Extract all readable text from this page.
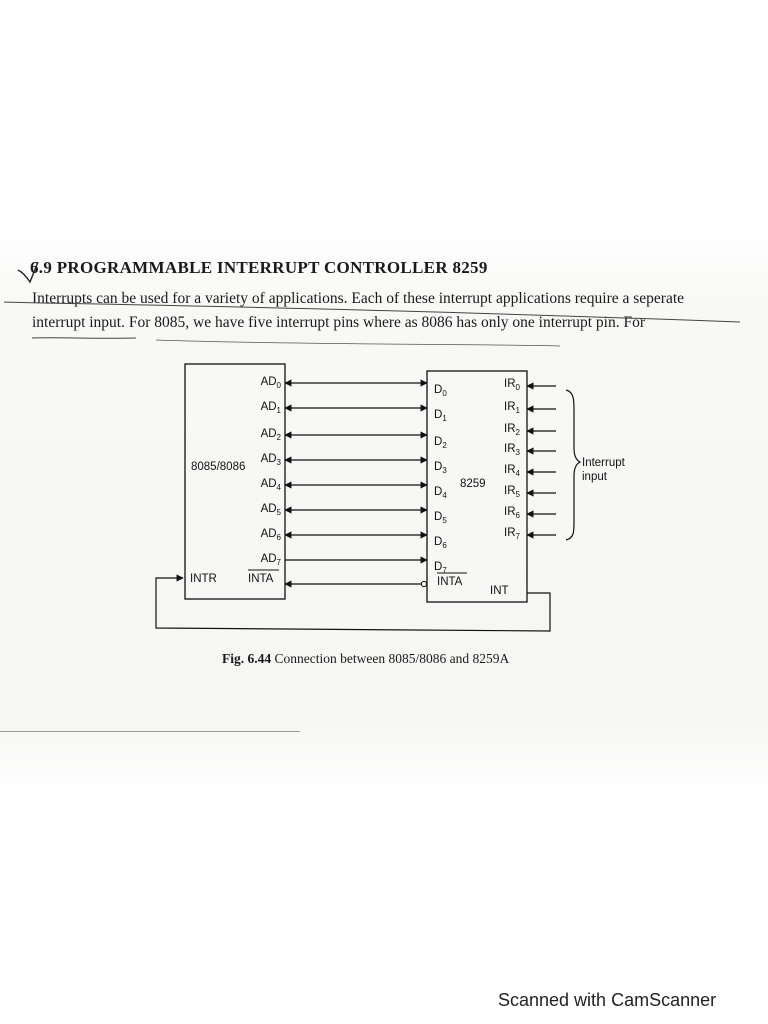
6.9 PROGRAMMABLE INTERRUPT CONTROLLER 8259
Interrupts can be used for a variety of applications. Each of these interrupt applications require a seperate
interrupt input. For 8085, we have five interrupt pins where as 8086 has only one interrupt pin. For
$AD_0$
$AD_1$
$AD_2$
$AD_3$
$AD_4$
$AD_5$
$AD_6$
$AD_7$
$D_0$
$D_1$
$D_2$
$D_3$
$D_4$
$D_5$
$D_6$
$D_7$
$IR_0$
$IR_1$
$IR_2$
$IR_3$
$IR_4$
$IR_5$
$IR_6$
$IR_7$
8085/8086
8259
INTR	INTA	INTA
INT
Interrupt
input
Fig. 6.44 Connection between 8085/8086 and 8259A
Scanned with CamScanner
